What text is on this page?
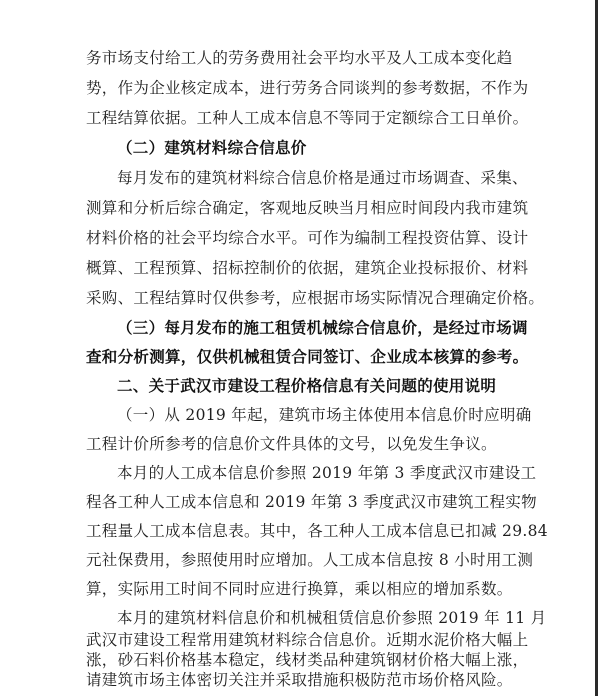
务市场支付给工人的劳务费用社会平均水平及人工成本变化趋
势，作为企业核定成本，进行劳务合同谈判的参考数据，不作为
工程结算依据。工种人工成本信息不等同于定额综合工日单价。
（二）建筑材料综合信息价
每月发布的建筑材料综合信息价格是通过市场调查、采集、
测算和分析后综合确定，客观地反映当月相应时间段内我市建筑
材料价格的社会平均综合水平。可作为编制工程投资估算、设计
概算、工程预算、招标控制价的依据，建筑企业投标报价、材料
采购、工程结算时仅供参考，应根据市场实际情况合理确定价格。
（三）每月发布的施工租赁机械综合信息价，是经过市场调
查和分析测算，仅供机械租赁合同签订、企业成本核算的参考。
二、关于武汉市建设工程价格信息有关问题的使用说明
（一）从 2019 年起，建筑市场主体使用本信息价时应明确
工程计价所参考的信息价文件具体的文号，以免发生争议。
本月的人工成本信息价参照 2019 年第 3 季度武汉市建设工
程各工种人工成本信息和 2019 年第 3 季度武汉市建筑工程实物
工程量人工成本信息表。其中，各工种人工成本信息已扣减 29.84
元社保费用，参照使用时应增加。人工成本信息按 8 小时用工测
算，实际用工时间不同时应进行换算，乘以相应的增加系数。
本月的建筑材料信息价和机械租赁信息价参照 2019 年 11 月
武汉市建设工程常用建筑材料综合信息价。近期水泥价格大幅上
涨，砂石料价格基本稳定，线材类品种建筑钢材价格大幅上涨，
请建筑市场主体密切关注并采取措施积极防范市场价格风险。
